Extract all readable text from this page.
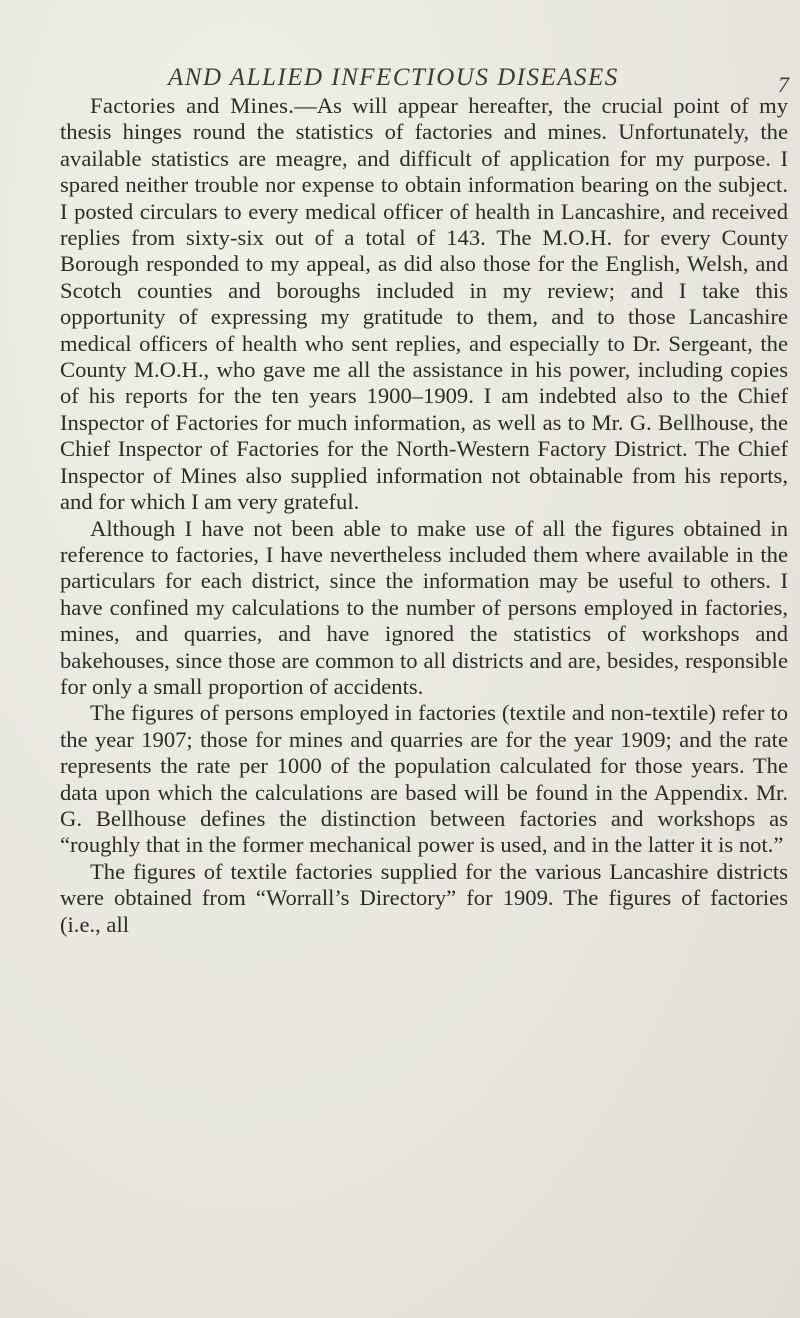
AND ALLIED INFECTIOUS DISEASES	7

Factories and Mines.—As will appear hereafter, the crucial point of my thesis hinges round the statistics of factories and mines. Unfortunately, the available statistics are meagre, and difficult of application for my purpose. I spared neither trouble nor expense to obtain information bearing on the subject. I posted circulars to every medical officer of health in Lancashire, and received replies from sixty-six out of a total of 143. The M.O.H. for every County Borough responded to my appeal, as did also those for the English, Welsh, and Scotch counties and boroughs included in my review; and I take this opportunity of expressing my gratitude to them, and to those Lancashire medical officers of health who sent replies, and especially to Dr. Sergeant, the County M.O.H., who gave me all the assistance in his power, including copies of his reports for the ten years 1900–1909. I am indebted also to the Chief Inspector of Factories for much information, as well as to Mr. G. Bellhouse, the Chief Inspector of Factories for the North-Western Factory District. The Chief Inspector of Mines also supplied information not obtainable from his reports, and for which I am very grateful.

Although I have not been able to make use of all the figures obtained in reference to factories, I have nevertheless included them where available in the particulars for each district, since the information may be useful to others. I have confined my calculations to the number of persons employed in factories, mines, and quarries, and have ignored the statistics of workshops and bakehouses, since those are common to all districts and are, besides, responsible for only a small proportion of accidents.

The figures of persons employed in factories (textile and non-textile) refer to the year 1907; those for mines and quarries are for the year 1909; and the rate represents the rate per 1000 of the population calculated for those years. The data upon which the calculations are based will be found in the Appendix. Mr. G. Bellhouse defines the distinction between factories and workshops as “roughly that in the former mechanical power is used, and in the latter it is not.”

The figures of textile factories supplied for the various Lancashire districts were obtained from “Worrall’s Directory” for 1909. The figures of factories (i.e., all
